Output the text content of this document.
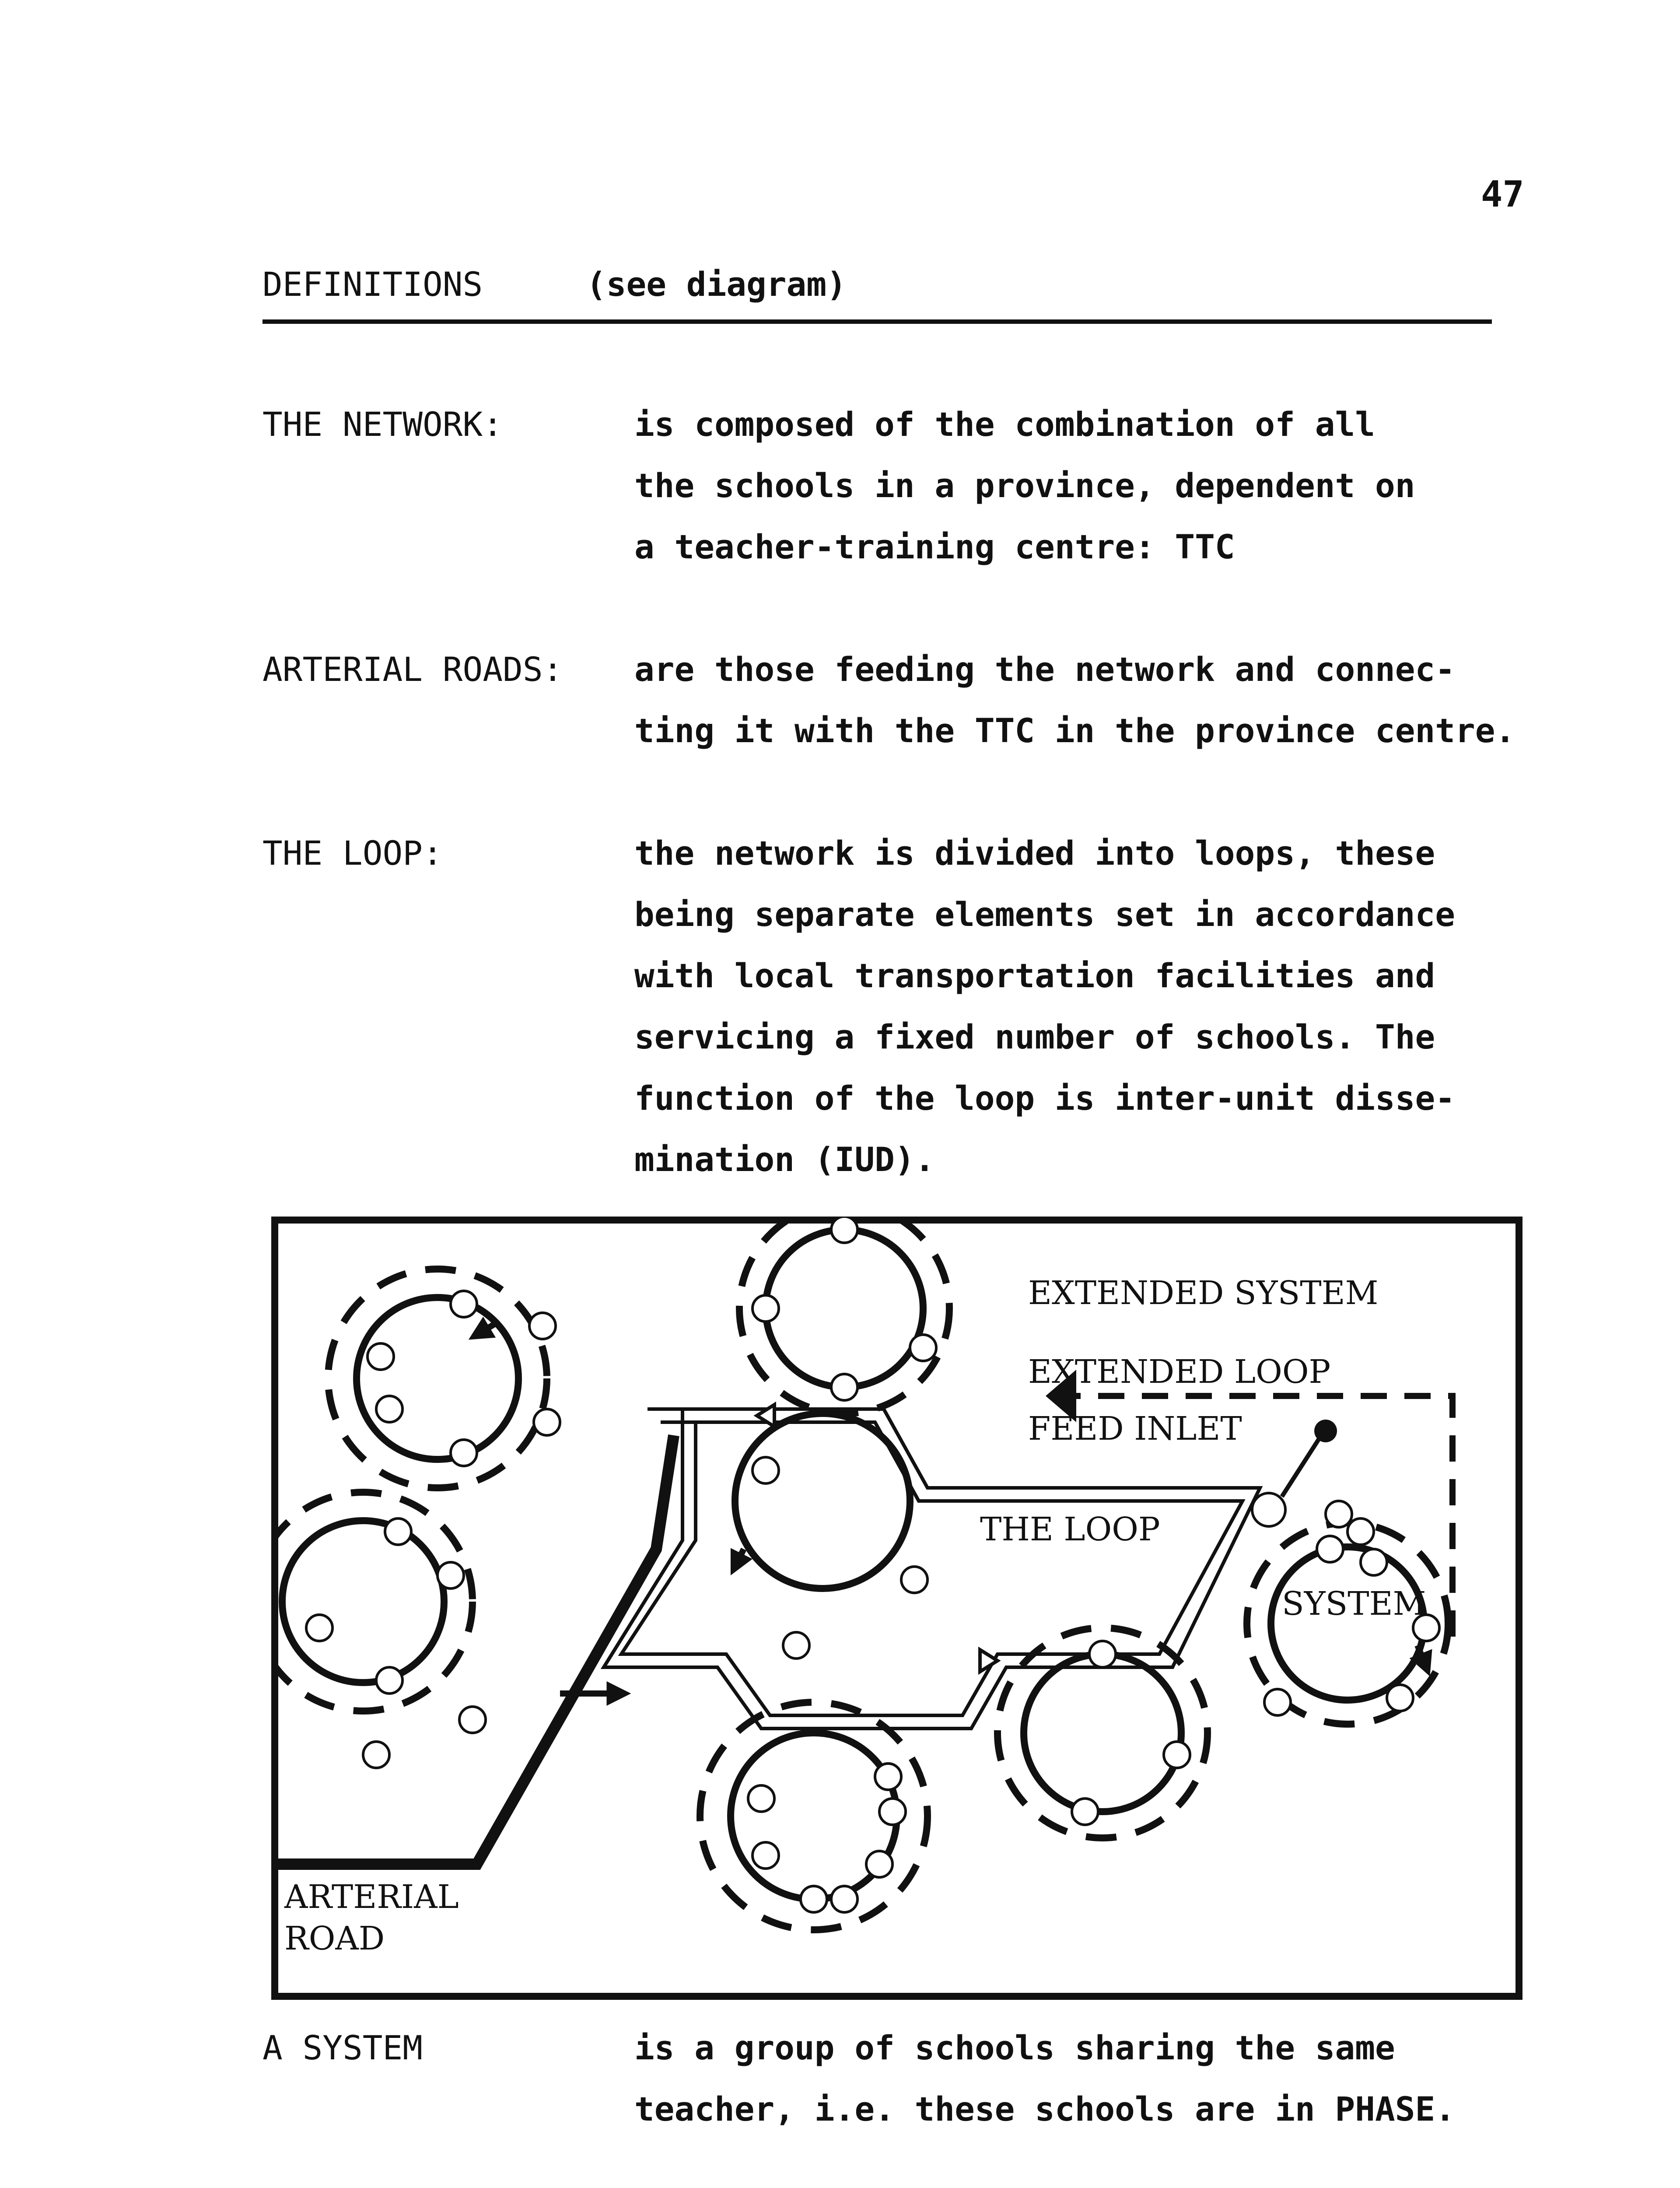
47
DEFINITIONS	(see diagram)
THE NETWORK:	is composed of the combination of all
the schools in a province, dependent on
a teacher-training centre: TTC
ARTERIAL ROADS: are those feeding the network and connec-
ting it with the TTC in the province centre.
THE LOOP:	the network is divided into loops, these
being separate elements set in accordance
with local transportation facilities and
servicing a fixed number of schools. The
function of the loop is inter-unit disse-
mination (IUD).
EXTENDED SYSTEM
EXTENDED LOOP
FEED INLET
THE LOOP
SYSTEM
ARTERIAL
ROAD
A SYSTEM	is a group of schools sharing the same
teacher, i.e. these schools are in PHASE.
